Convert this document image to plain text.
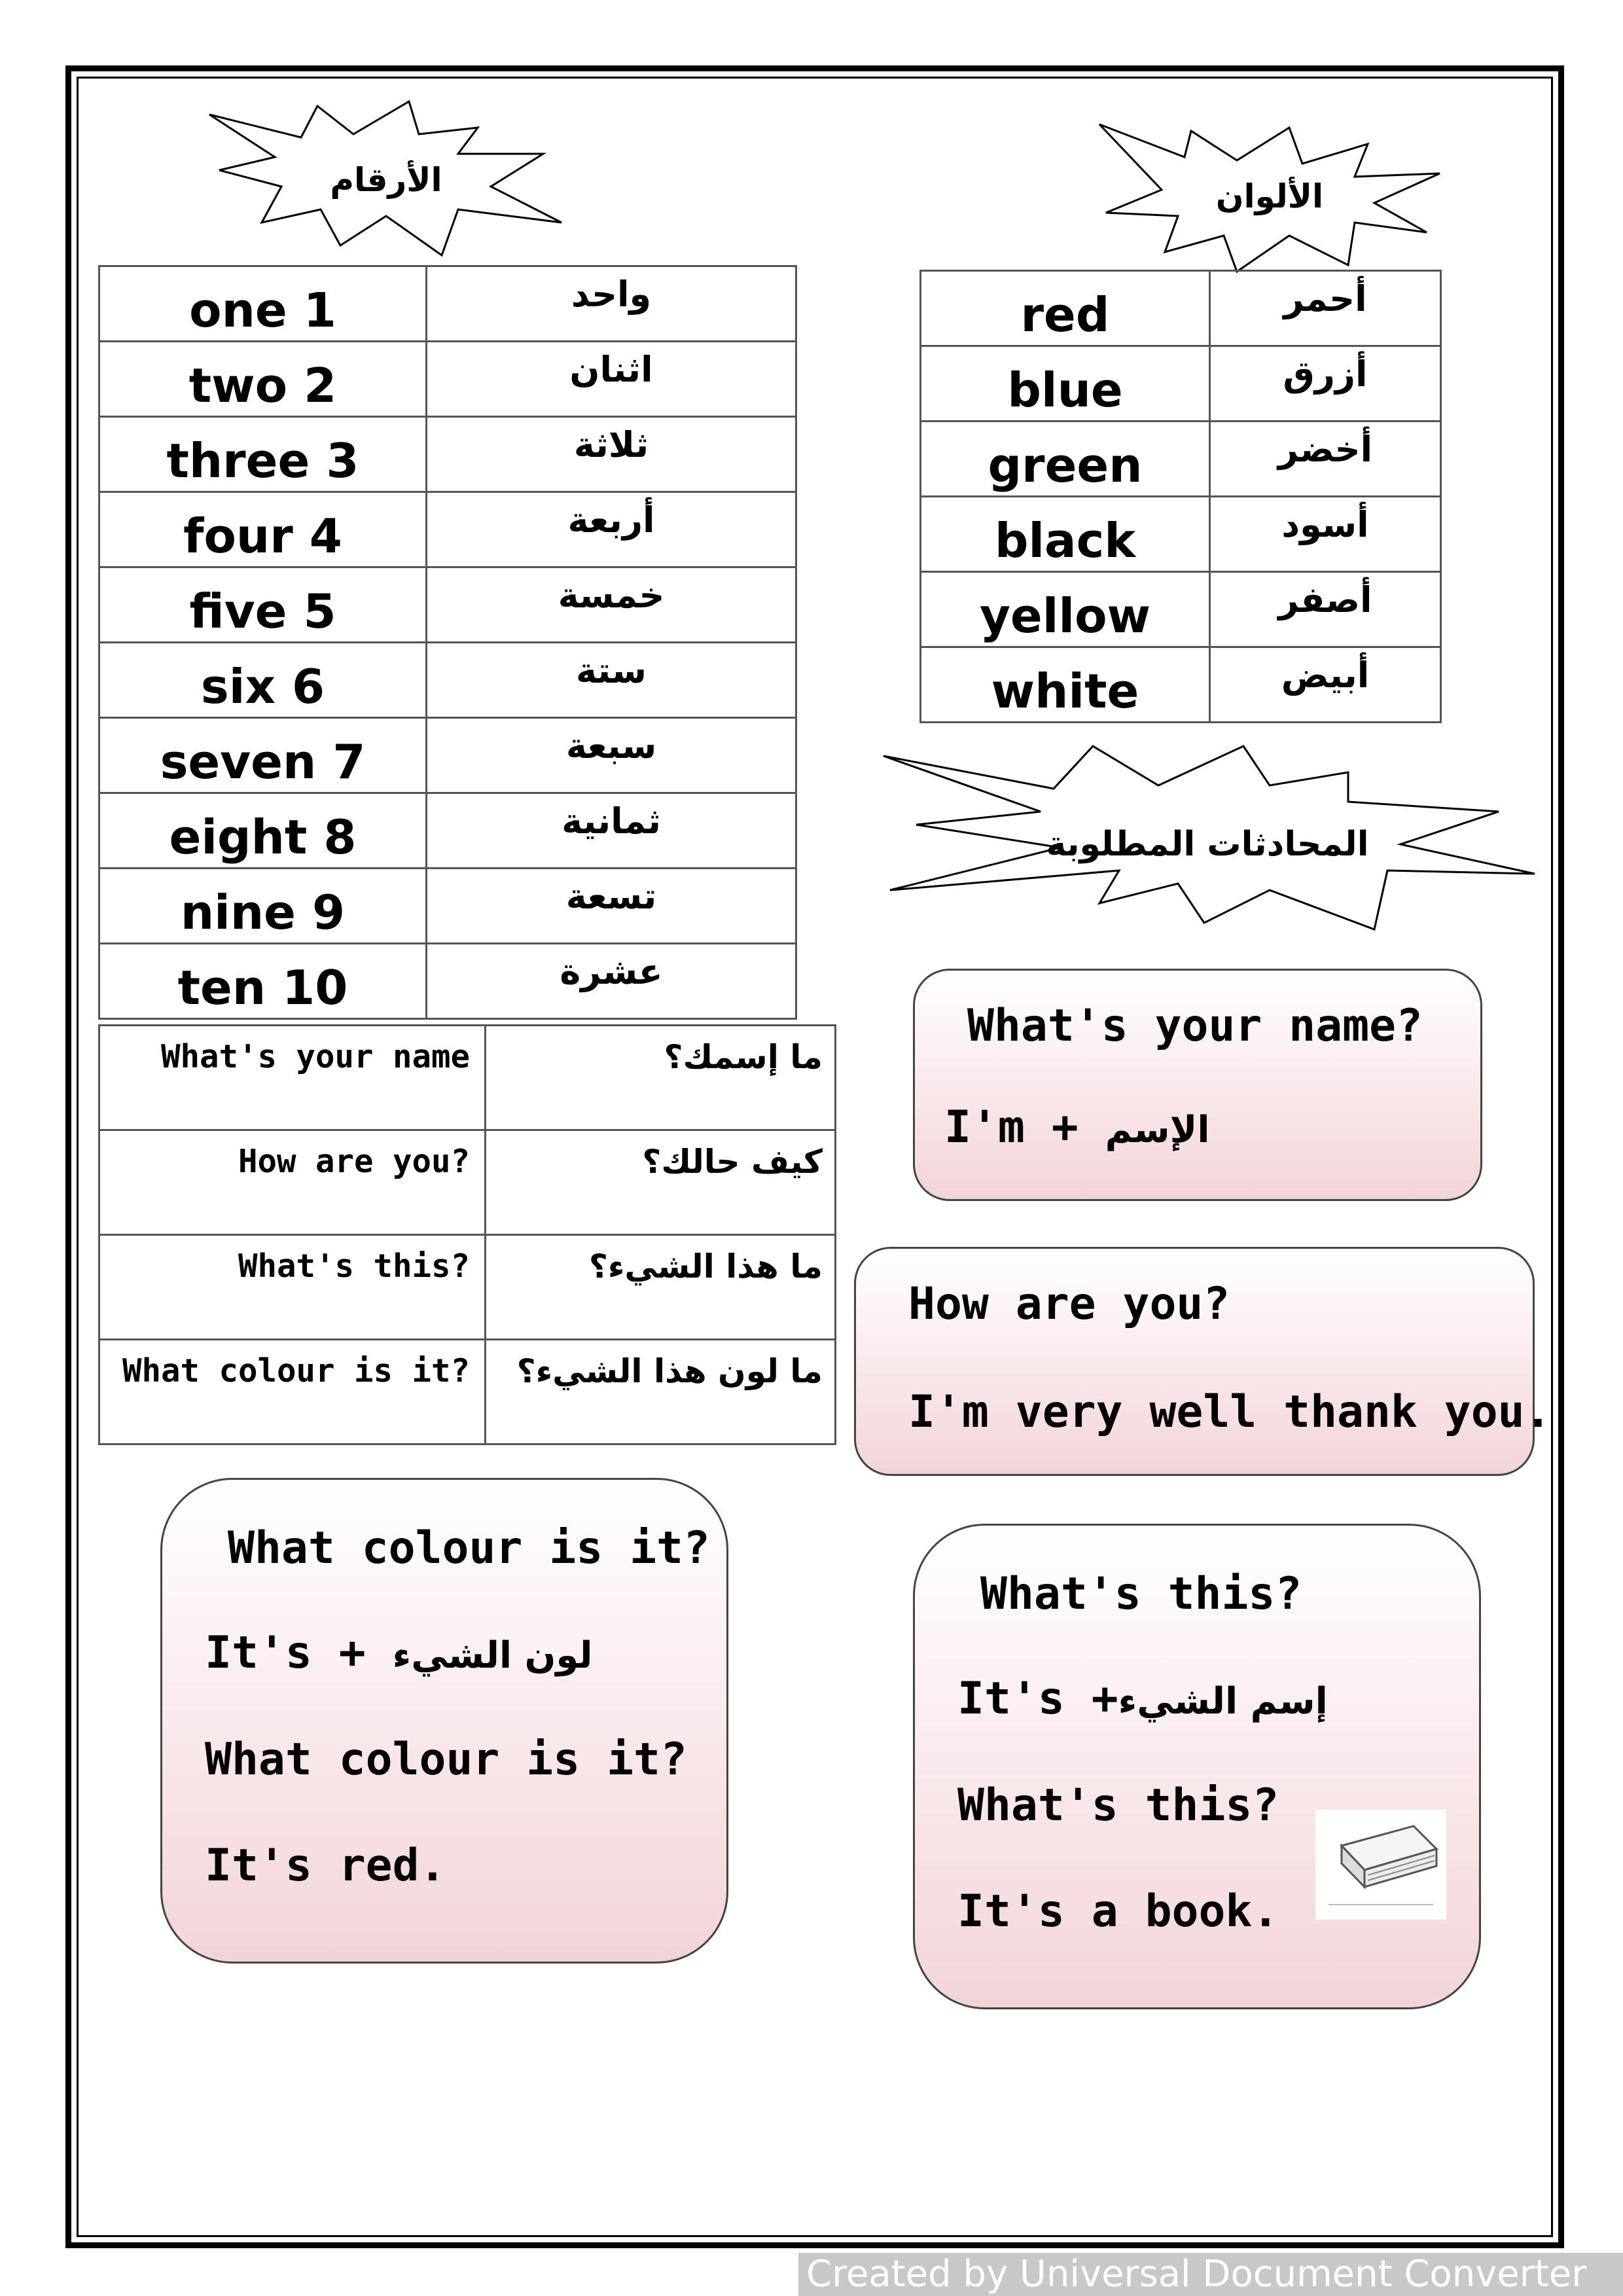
الأرقام	الألوان
المحادثات المطلوبة
one 1	واحد
two 2	اثنان
three 3	ثلاثة
four 4	أربعة
five 5	خمسة
six 6	ستة
seven 7	سبعة
eight 8	ثمانية
nine 9	تسعة
ten 10	عشرة
red	أحمر
blue	أزرق
green	أخضر
black	أسود
yellow	أصفر
white	أبيض
What's your name	ما إسمك؟
How are you?	كيف حالك؟
What's this?	ما هذا الشيء؟
What colour is it?	ما لون هذا الشيء؟
What's your name?
I'm + الإسم
How are you?
I'm very well thank you.
What colour is it?
It's + لون الشيء
What colour is it?
It's red.
What's this?
It's +إسم الشيء
What's this?
It's a book.
Created by Universal Document Converter
